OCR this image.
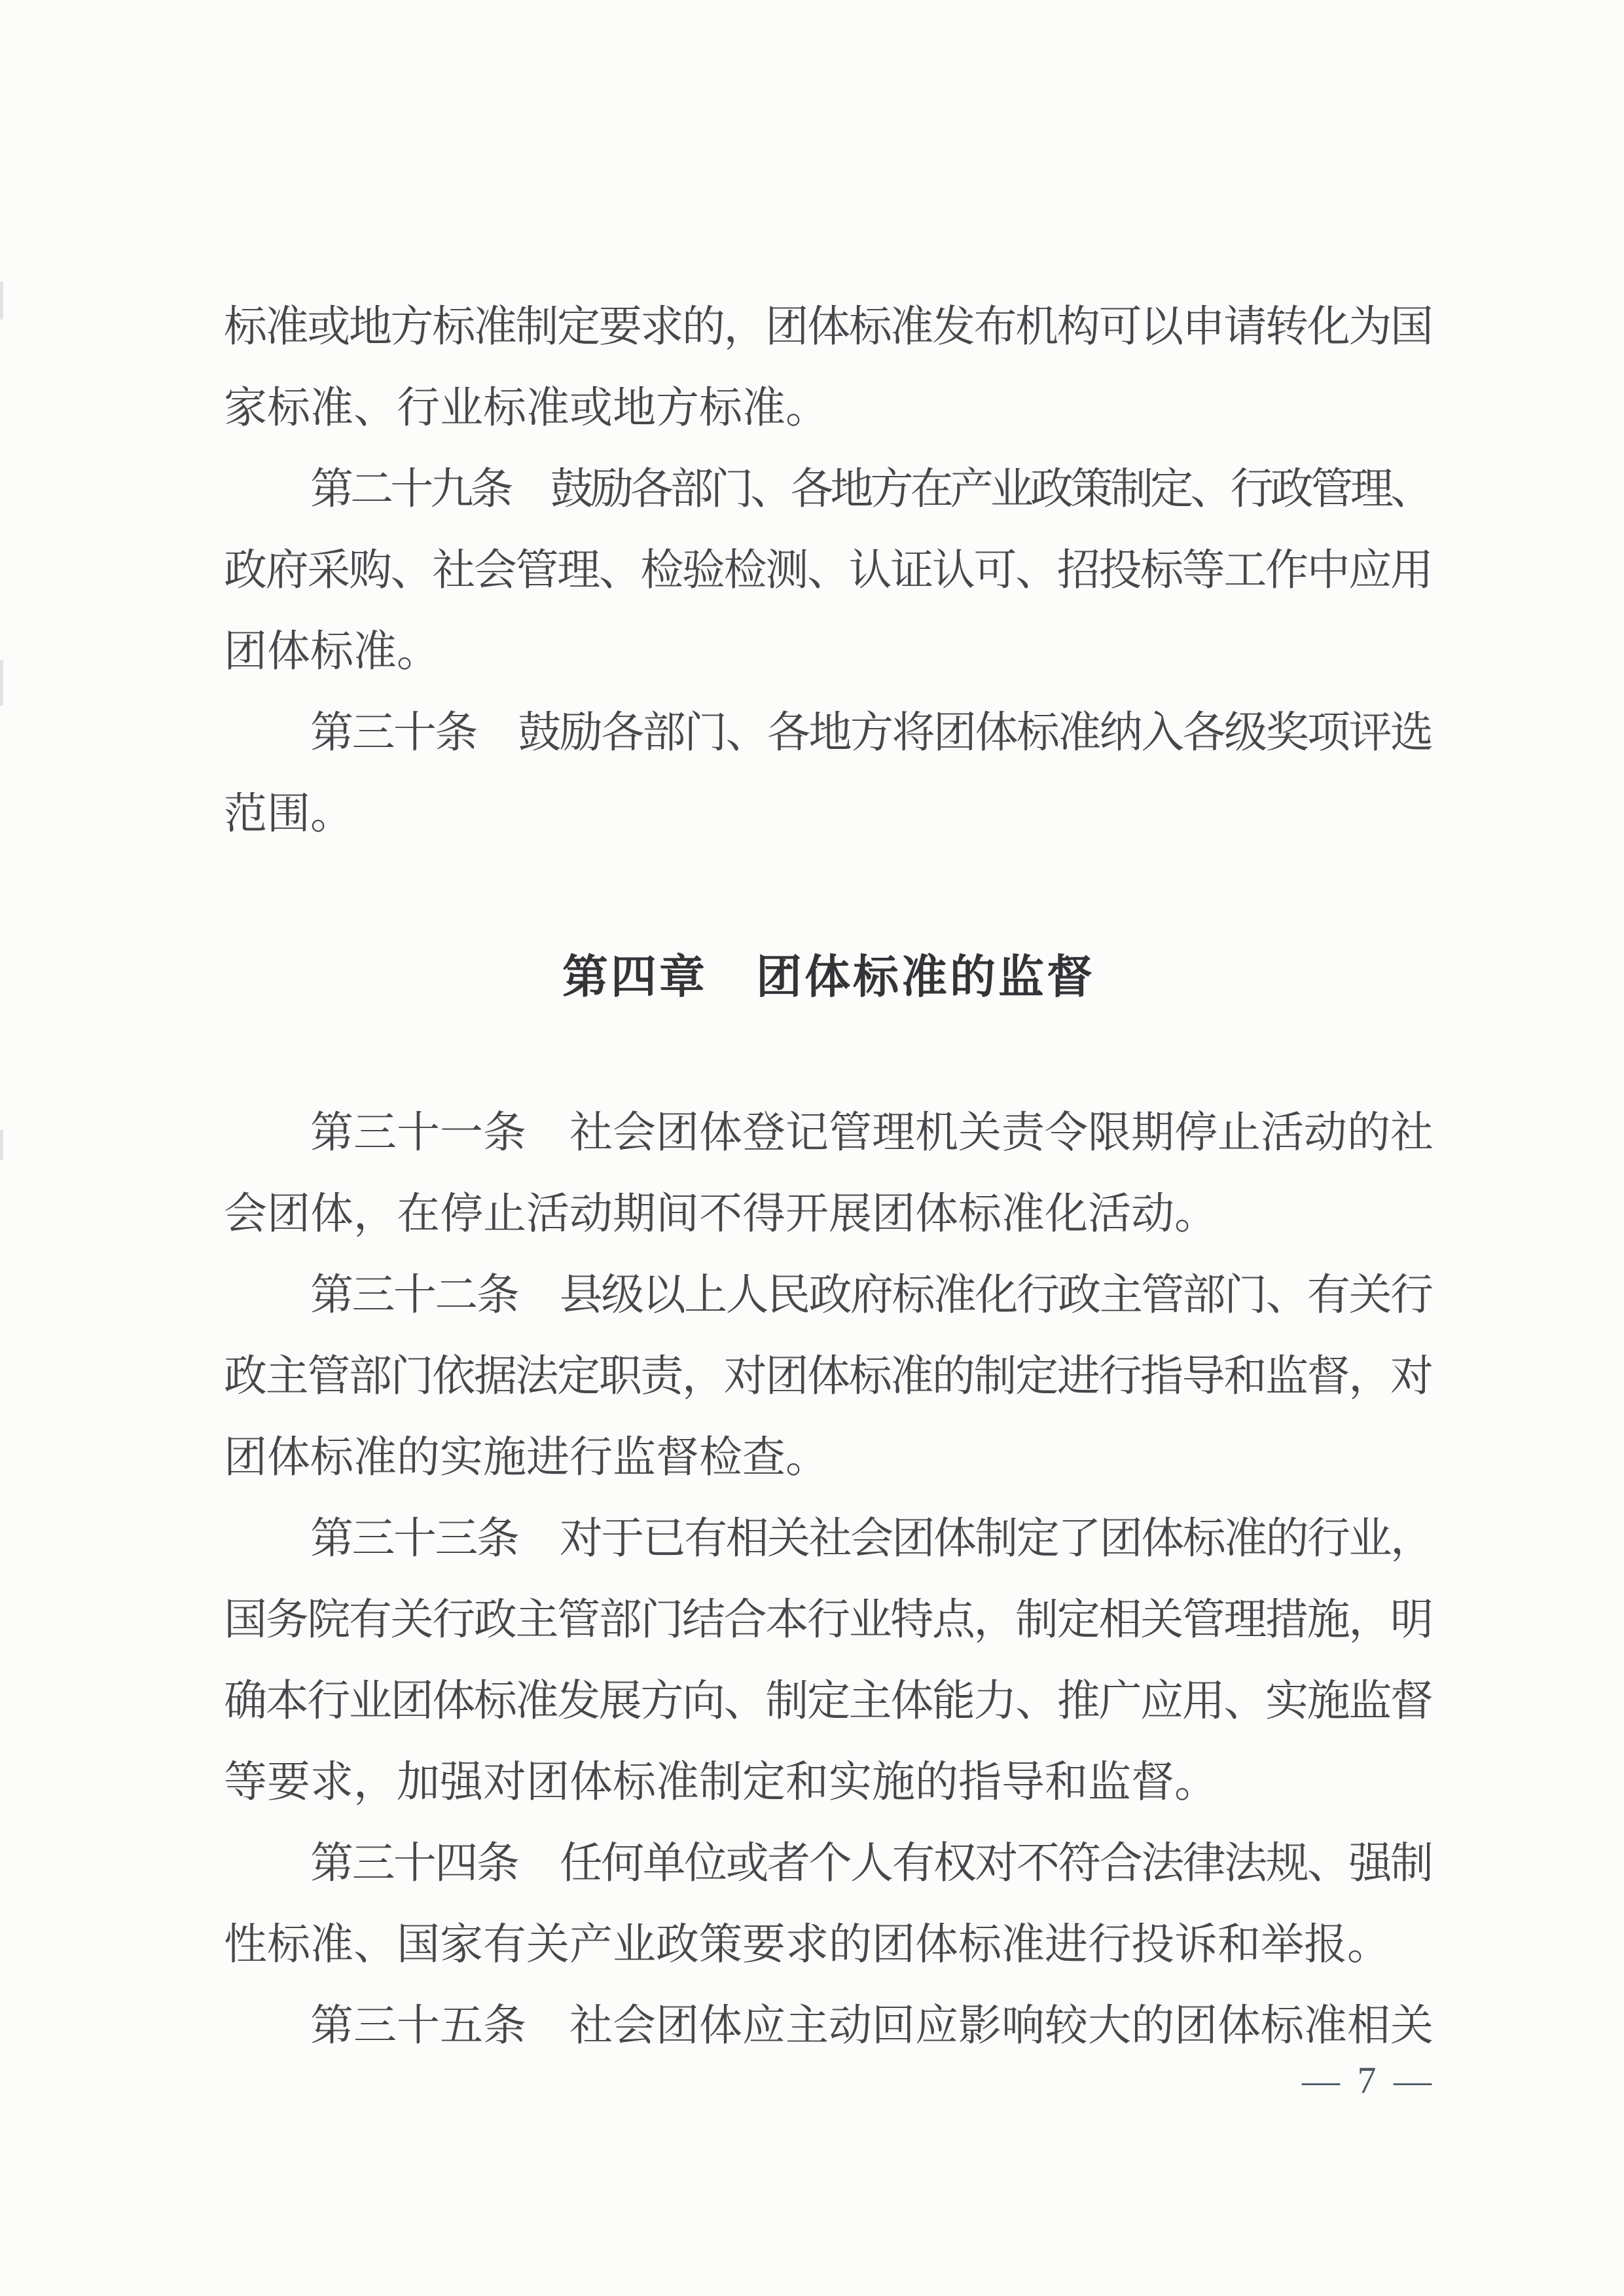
标准或地方标准制定要求的，团体标准发布机构可以申请转化为国

家标准、行业标准或地方标准。

第二十九条　鼓励各部门、各地方在产业政策制定、行政管理、

政府采购、社会管理、检验检测、认证认可、招投标等工作中应用

团体标准。

第三十条　鼓励各部门、各地方将团体标准纳入各级奖项评选

范围。

第四章　团体标准的监督

第三十一条　社会团体登记管理机关责令限期停止活动的社

会团体，在停止活动期间不得开展团体标准化活动。

第三十二条　县级以上人民政府标准化行政主管部门、有关行

政主管部门依据法定职责，对团体标准的制定进行指导和监督，对

团体标准的实施进行监督检查。

第三十三条　对于已有相关社会团体制定了团体标准的行业，

国务院有关行政主管部门结合本行业特点，制定相关管理措施，明

确本行业团体标准发展方向、制定主体能力、推广应用、实施监督

等要求，加强对团体标准制定和实施的指导和监督。

第三十四条　任何单位或者个人有权对不符合法律法规、强制

性标准、国家有关产业政策要求的团体标准进行投诉和举报。

第三十五条　社会团体应主动回应影响较大的团体标准相关

— 7 —
